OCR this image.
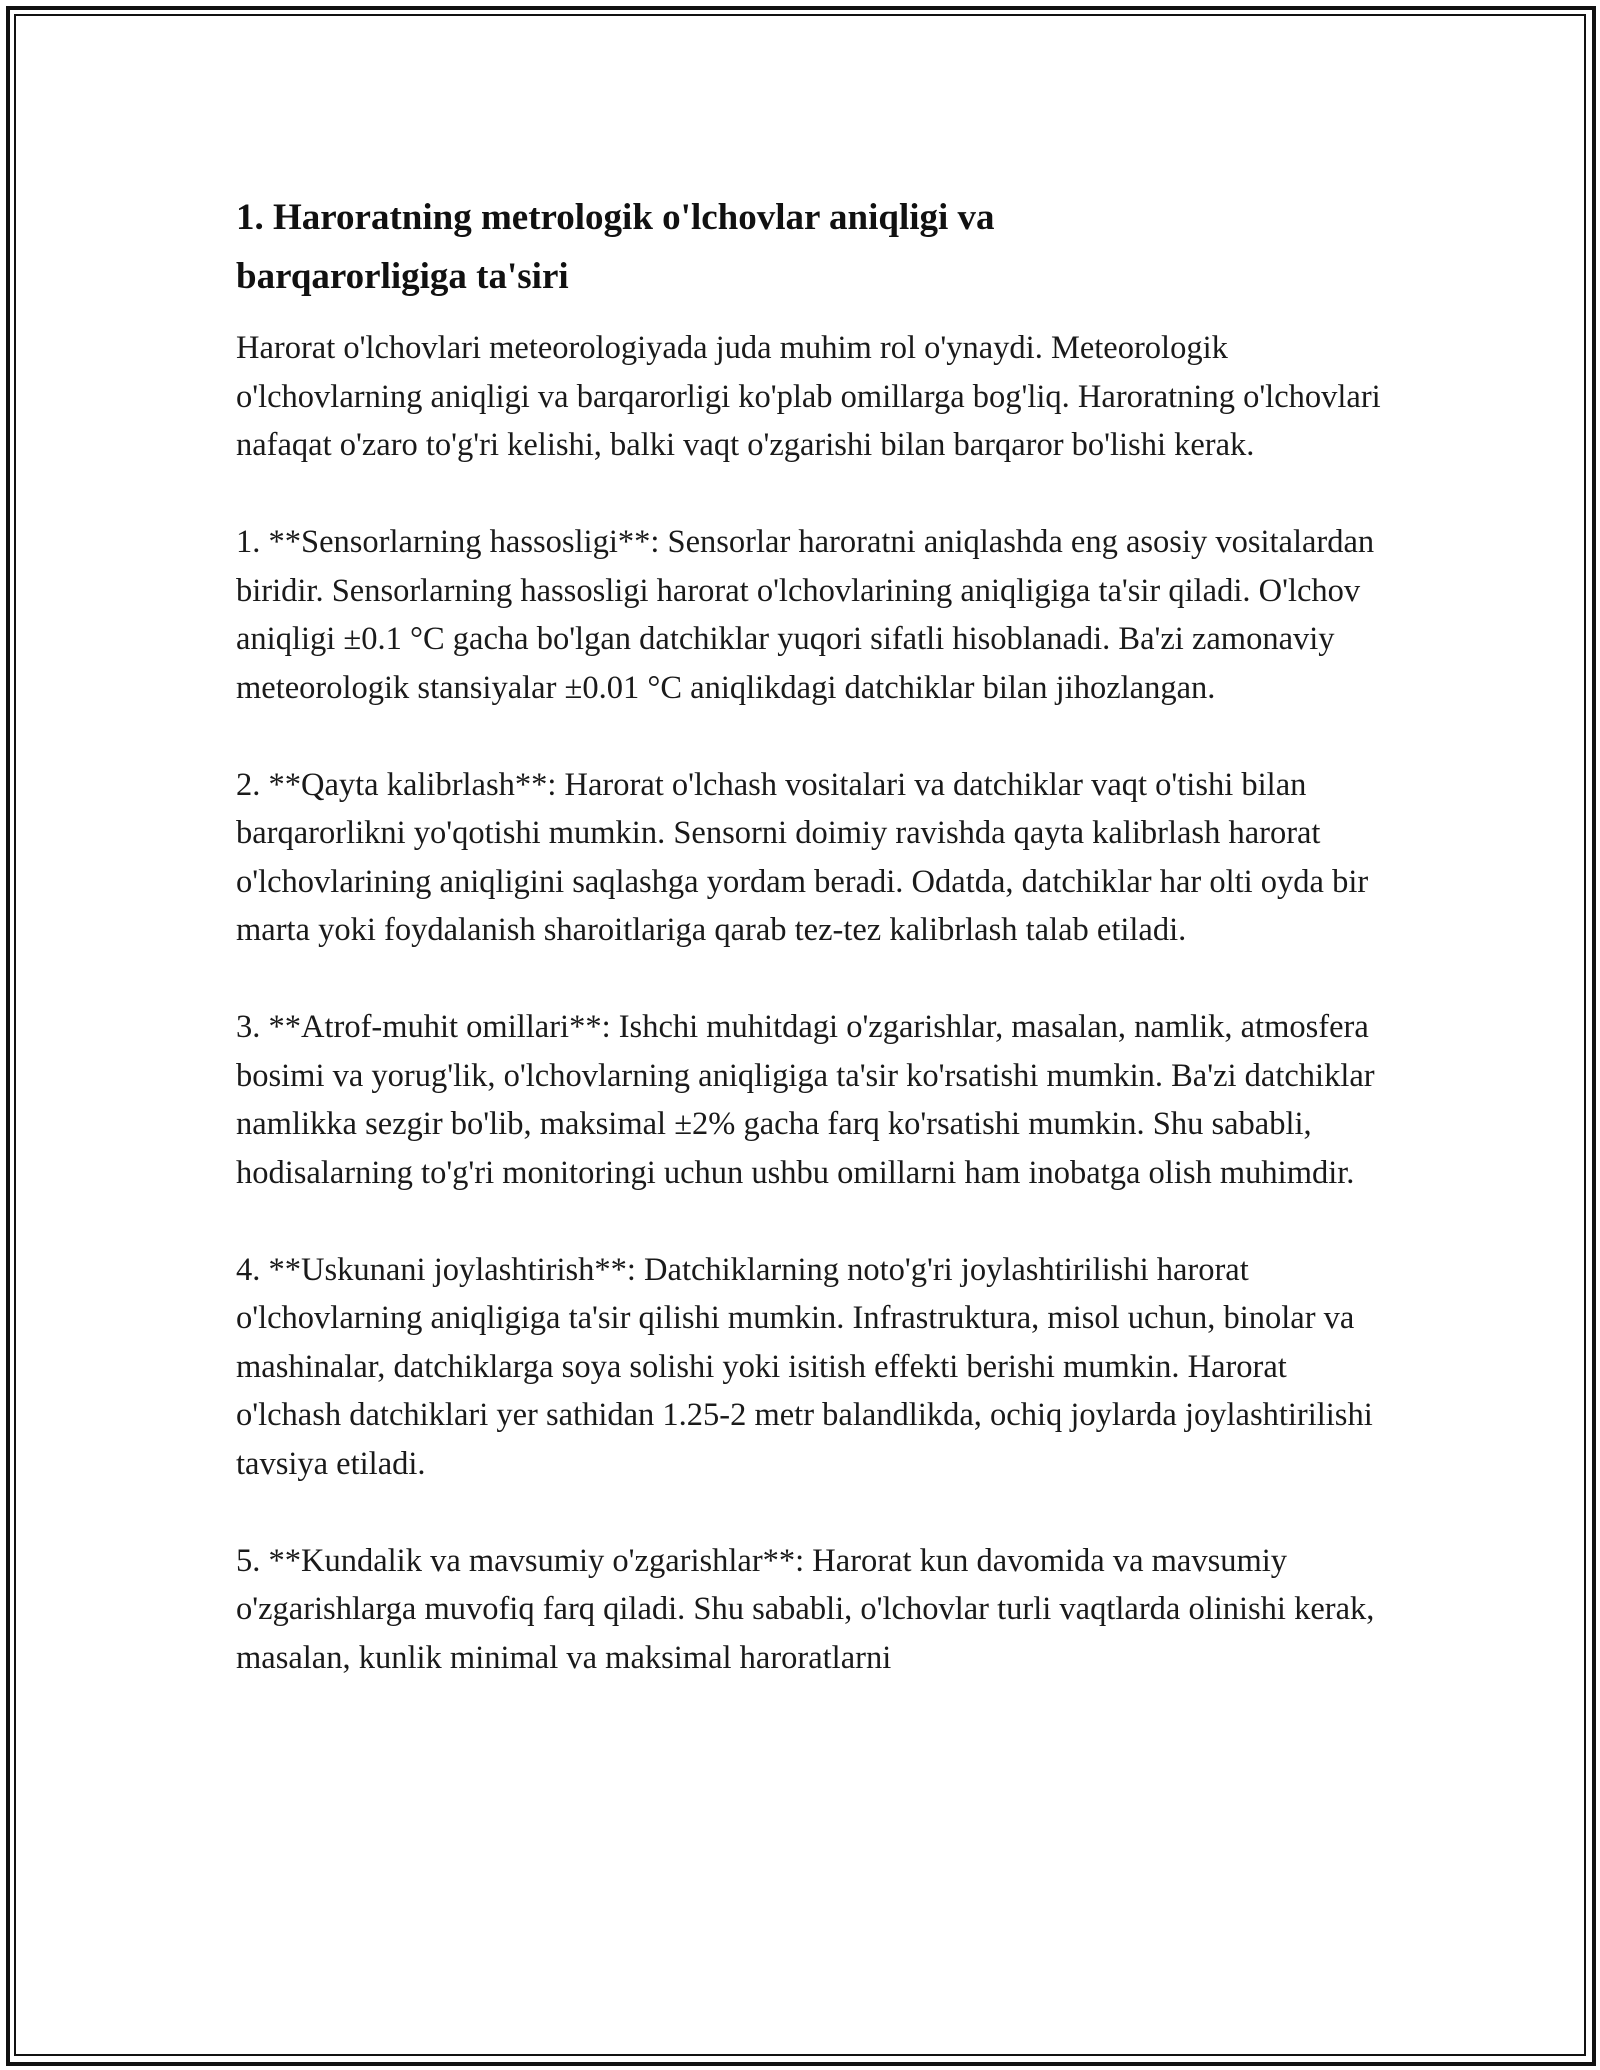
1. Haroratning metrologik o'lchovlar aniqligi va barqarorligiga ta'siri

Harorat o'lchovlari meteorologiyada juda muhim rol o'ynaydi. Meteorologik o'lchovlarning aniqligi va barqarorligi ko'plab omillarga bog'liq. Haroratning o'lchovlari nafaqat o'zaro to'g'ri kelishi, balki vaqt o'zgarishi bilan barqaror bo'lishi kerak.

1. **Sensorlarning hassosligi**: Sensorlar haroratni aniqlashda eng asosiy vositalardan biridir. Sensorlarning hassosligi harorat o'lchovlarining aniqligiga ta'sir qiladi. O'lchov aniqligi ±0.1 °C gacha bo'lgan datchiklar yuqori sifatli hisoblanadi. Ba'zi zamonaviy meteorologik stansiyalar ±0.01 °C aniqlikdagi datchiklar bilan jihozlangan.

2. **Qayta kalibrlash**: Harorat o'lchash vositalari va datchiklar vaqt o'tishi bilan barqarorlikni yo'qotishi mumkin. Sensorni doimiy ravishda qayta kalibrlash harorat o'lchovlarining aniqligini saqlashga yordam beradi. Odatda, datchiklar har olti oyda bir marta yoki foydalanish sharoitlariga qarab tez-tez kalibrlash talab etiladi.

3. **Atrof-muhit omillari**: Ishchi muhitdagi o'zgarishlar, masalan, namlik, atmosfera bosimi va yorug'lik, o'lchovlarning aniqligiga ta'sir ko'rsatishi mumkin. Ba'zi datchiklar namlikka sezgir bo'lib, maksimal ±2% gacha farq ko'rsatishi mumkin. Shu sababli, hodisalarning to'g'ri monitoringi uchun ushbu omillarni ham inobatga olish muhimdir.

4. **Uskunani joylashtirish**: Datchiklarning noto'g'ri joylashtirilishi harorat o'lchovlarning aniqligiga ta'sir qilishi mumkin. Infrastruktura, misol uchun, binolar va mashinalar, datchiklarga soya solishi yoki isitish effekti berishi mumkin. Harorat o'lchash datchiklari yer sathidan 1.25-2 metr balandlikda, ochiq joylarda joylashtirilishi tavsiya etiladi.

5. **Kundalik va mavsumiy o'zgarishlar**: Harorat kun davomida va mavsumiy o'zgarishlarga muvofiq farq qiladi. Shu sababli, o'lchovlar turli vaqtlarda olinishi kerak, masalan, kunlik minimal va maksimal haroratlarni
